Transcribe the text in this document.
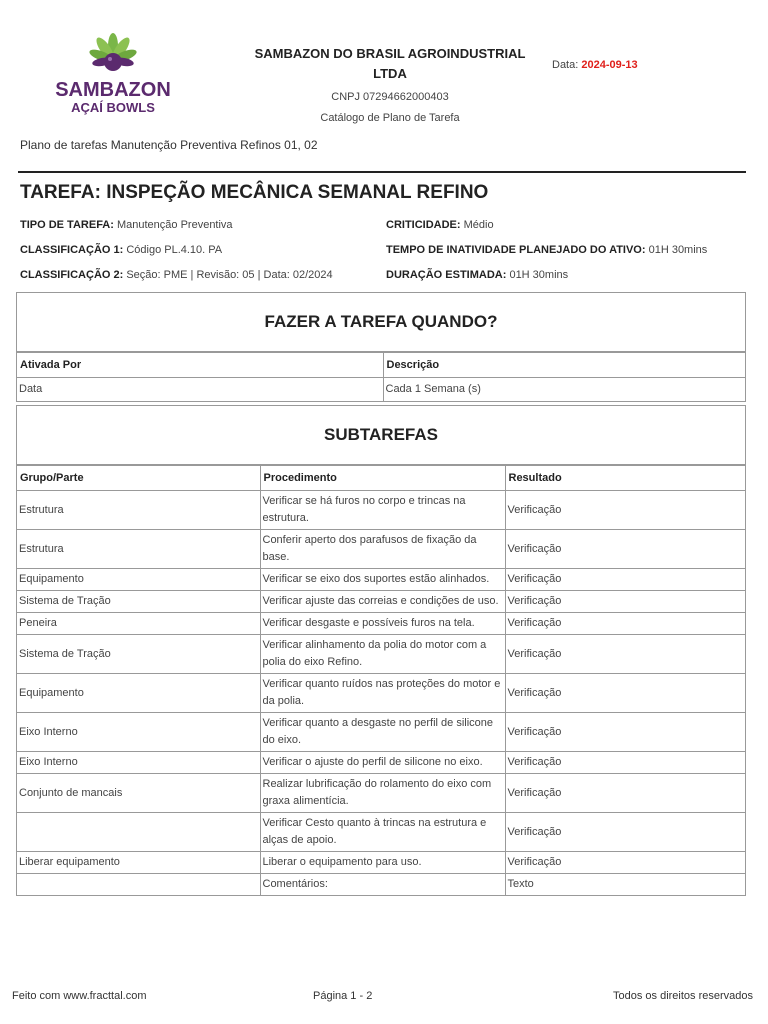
SAMBAZON
AÇAÍ BOWLS
SAMBAZON DO BRASIL AGROINDUSTRIAL
LTDA
CNPJ 07294662000403
Catálogo de Plano de Tarefa
Data: 2024-09-13
Plano de tarefas Manutenção Preventiva Refinos 01, 02
TAREFA: INSPEÇÃO MECÂNICA SEMANAL REFINO
TIPO DE TAREFA: Manutenção Preventiva
CLASSIFICAÇÃO 1: Código PL.4.10. PA
CLASSIFICAÇÃO 2: Seção: PME | Revisão: 05 | Data: 02/2024
CRITICIDADE: Médio
TEMPO DE INATIVIDADE PLANEJADO DO ATIVO: 01H 30mins
DURAÇÃO ESTIMADA: 01H 30mins
FAZER A TAREFA QUANDO?
Ativada Por	Descrição
Data	Cada 1 Semana (s)
SUBTAREFAS
Grupo/Parte	Procedimento	Resultado
Estrutura	Verificar se há furos no corpo e trincas na estrutura.	Verificação
Estrutura	Conferir aperto dos parafusos de fixação da base.	Verificação
Equipamento	Verificar se eixo dos suportes estão alinhados.	Verificação
Sistema de Tração	Verificar ajuste das correias e condições de uso.	Verificação
Peneira	Verificar desgaste e possíveis furos na tela.	Verificação
Sistema de Tração	Verificar alinhamento da polia do motor com a polia do eixo Refino.	Verificação
Equipamento	Verificar quanto ruídos nas proteções do motor e da polia.	Verificação
Eixo Interno	Verificar quanto a desgaste no perfil de silicone do eixo.	Verificação
Eixo Interno	Verificar o ajuste do perfil de silicone no eixo.	Verificação
Conjunto de mancais	Realizar lubrificação do rolamento do eixo com graxa alimentícia.	Verificação
	Verificar Cesto quanto à trincas na estrutura e alças de apoio.	Verificação
Liberar equipamento	Liberar o equipamento para uso.	Verificação
	Comentários:	Texto
Feito com www.fracttal.com	Página 1 - 2	Todos os direitos reservados
